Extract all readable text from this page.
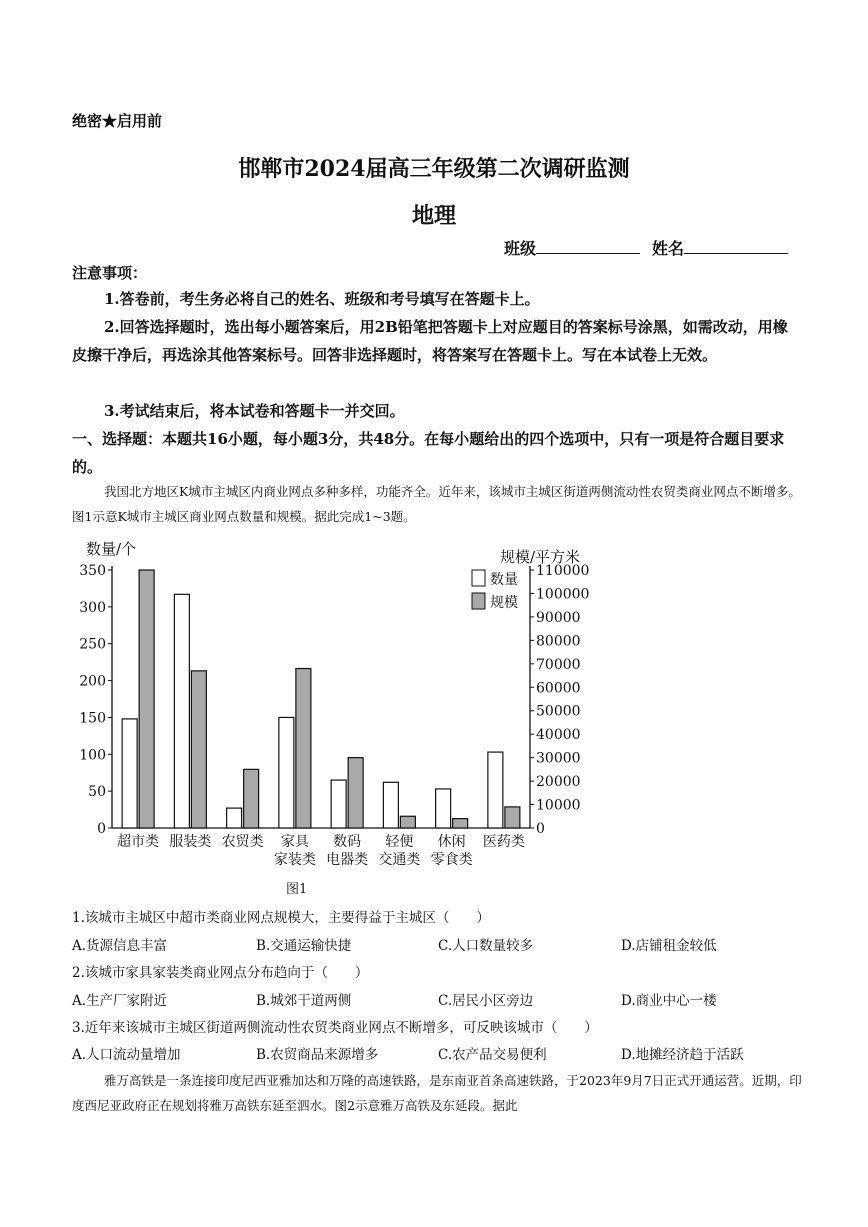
绝密★启用前
邯郸市2024届高三年级第二次调研监测
地理
班级	姓名
注意事项：
1.答卷前，考生务必将自己的姓名、班级和考号填写在答题卡上。
2.回答选择题时，选出每小题答案后，用2B铅笔把答题卡上对应题目的答案标号涂黑，如需改动，用橡皮擦干净后，再选涂其他答案标号。回答非选择题时，将答案写在答题卡上。写在本试卷上无效。
3.考试结束后，将本试卷和答题卡一并交回。
一、选择题：本题共16小题，每小题3分，共48分。在每小题给出的四个选项中，只有一项是符合题目要求的。
我国北方地区K城市主城区内商业网点多种多样，功能齐全。近年来，该城市主城区街道两侧流动性农贸类商业网点不断增多。图1示意K城市主城区商业网点数量和规模。据此完成1~3题。
0
50
100
150
200
250
300
350
0
10000
20000
30000
40000
50000
60000
70000
80000
90000
100000
110000
数量/个	规模/平方米
超市类 服装类 农贸类 家具
家装类
数码
电器类
轻便
交通类
休闲
零食类
医药类
数量
规模
图1
1.该城市主城区中超市类商业网点规模大，主要得益于主城区（　　）
A.货源信息丰富	B.交通运输快捷	C.人口数量较多	D.店铺租金较低
2.该城市家具家装类商业网点分布趋向于（　　）
A.生产厂家附近	B.城郊干道两侧	C.居民小区旁边	D.商业中心一楼
3.近年来该城市主城区街道两侧流动性农贸类商业网点不断增多，可反映该城市（　　）
A.人口流动量增加	B.农贸商品来源增多	C.农产品交易便利	D.地摊经济趋于活跃
雅万高铁是一条连接印度尼西亚雅加达和万隆的高速铁路，是东南亚首条高速铁路，于2023年9月7日正式开通运营。近期，印度西尼亚政府正在规划将雅万高铁东延至泗水。图2示意雅万高铁及东延段。据此
